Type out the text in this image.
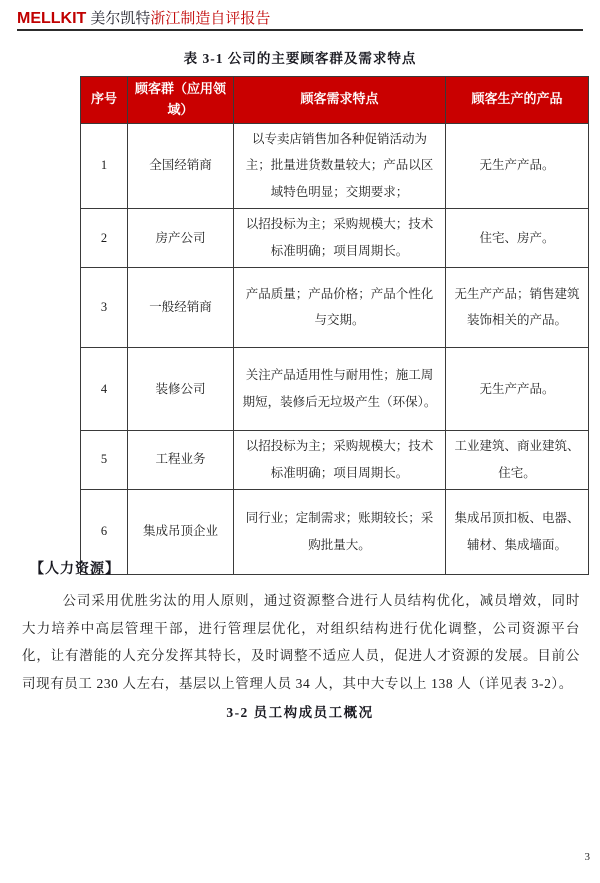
MELLKIT 美尔凯特浙江制造自评报告
表 3-1 公司的主要顾客群及需求特点
序号	顾客群（应用领域）	顾客需求特点	顾客生产的产品
1	全国经销商	以专卖店销售加各种促销活动为主；批量进货数量较大；产品以区域特色明显；交期要求；	无生产产品。
2	房产公司	以招投标为主；采购规模大；技术标准明确；项目周期长。	住宅、房产。
3	一般经销商	产品质量；产品价格；产品个性化与交期。	无生产产品；销售建筑装饰相关的产品。
4	装修公司	关注产品适用性与耐用性；施工周期短，装修后无垃圾产生（环保）。	无生产产品。
5	工程业务	以招投标为主；采购规模大；技术标准明确；项目周期长。	工业建筑、商业建筑、住宅。
6	集成吊顶企业	同行业；定制需求；账期较长；采购批量大。	集成吊顶扣板、电器、辅材、集成墙面。
【人力资源】

公司采用优胜劣汰的用人原则，通过资源整合进行人员结构优化，减员增效，同时大力培养中高层管理干部，进行管理层优化，对组织结构进行优化调整，公司资源平台化，让有潜能的人充分发挥其特长，及时调整不适应人员，促进人才资源的发展。目前公司现有员工 230 人左右，基层以上管理人员 34 人，其中大专以上 138 人（详见表 3-2）。

3-2 员工构成员工概况
3
